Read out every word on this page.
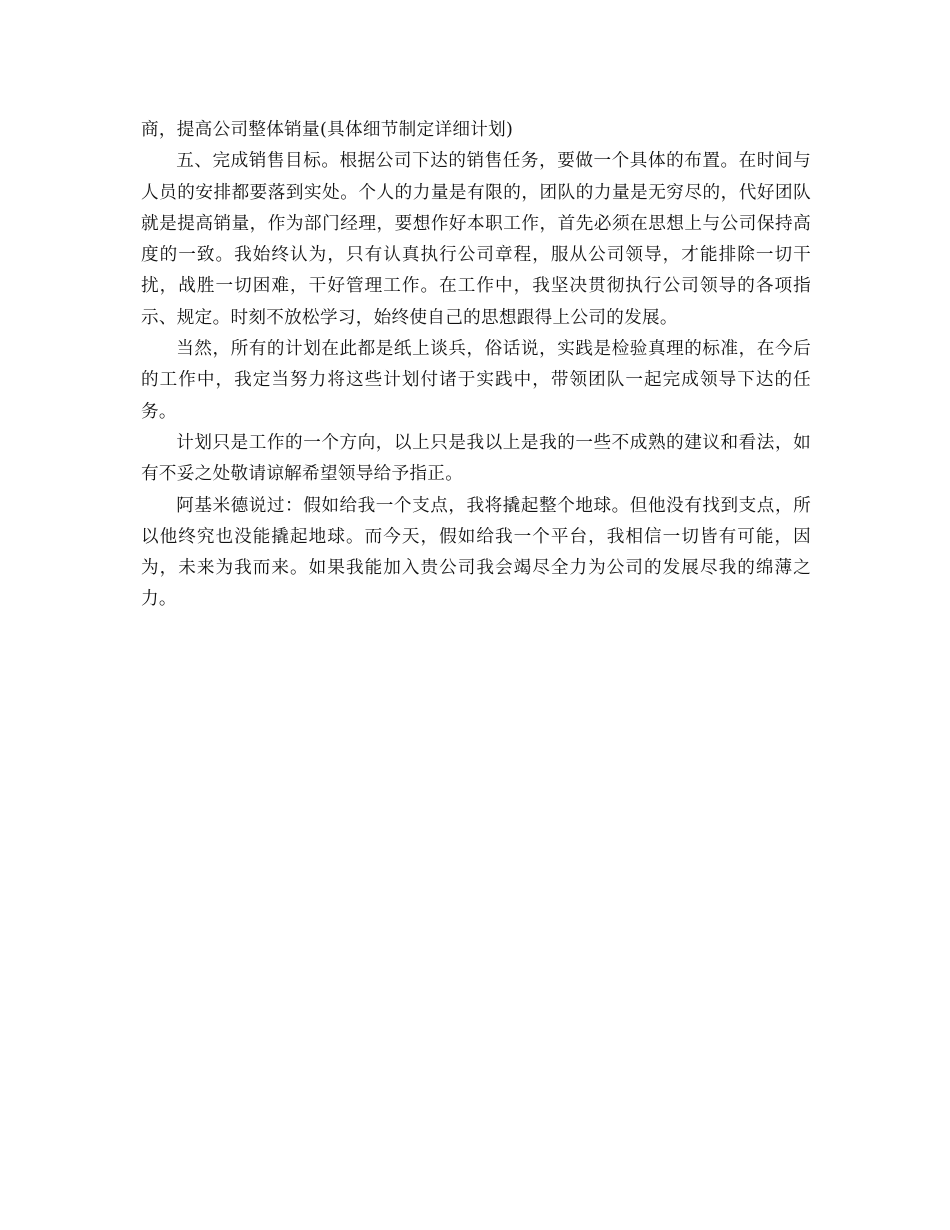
商，提高公司整体销量(具体细节制定详细计划)

五、完成销售目标。根据公司下达的销售任务，要做一个具体的布置。在时间与人员的安排都要落到实处。个人的力量是有限的，团队的力量是无穷尽的，代好团队就是提高销量，作为部门经理，要想作好本职工作，首先必须在思想上与公司保持高度的一致。我始终认为，只有认真执行公司章程，服从公司领导，才能排除一切干扰，战胜一切困难，干好管理工作。在工作中，我坚决贯彻执行公司领导的各项指示、规定。时刻不放松学习，始终使自己的思想跟得上公司的发展。

当然，所有的计划在此都是纸上谈兵，俗话说，实践是检验真理的标准，在今后的工作中，我定当努力将这些计划付诸于实践中，带领团队一起完成领导下达的任务。

计划只是工作的一个方向，以上只是我以上是我的一些不成熟的建议和看法，如有不妥之处敬请谅解希望领导给予指正。

阿基米德说过：假如给我一个支点，我将撬起整个地球。但他没有找到支点，所以他终究也没能撬起地球。而今天，假如给我一个平台，我相信一切皆有可能，因为，未来为我而来。如果我能加入贵公司我会竭尽全力为公司的发展尽我的绵薄之力。
